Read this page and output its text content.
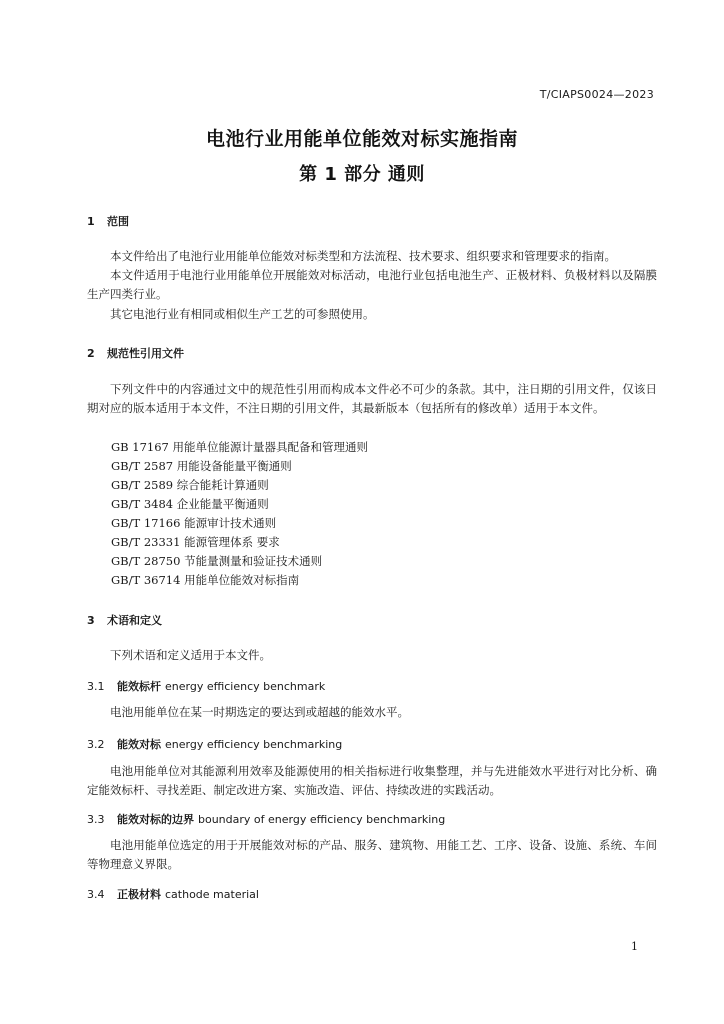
T/CIAPS0024—2023
电池行业用能单位能效对标实施指南
第 1 部分 通则
1 范围

本文件给出了电池行业用能单位能效对标类型和方法流程、技术要求、组织要求和管理要求的指南。

本文件适用于电池行业用能单位开展能效对标活动，电池行业包括电池生产、正极材料、负极材料以及隔膜生产四类行业。

其它电池行业有相同或相似生产工艺的可参照使用。

2 规范性引用文件

下列文件中的内容通过文中的规范性引用而构成本文件必不可少的条款。其中，注日期的引用文件，仅该日期对应的版本适用于本文件，不注日期的引用文件，其最新版本（包括所有的修改单）适用于本文件。

GB 17167 用能单位能源计量器具配备和管理通则
GB/T 2587 用能设备能量平衡通则
GB/T 2589 综合能耗计算通则
GB/T 3484 企业能量平衡通则
GB/T 17166 能源审计技术通则
GB/T 23331 能源管理体系 要求
GB/T 28750 节能量测量和验证技术通则
GB/T 36714 用能单位能效对标指南
3 术语和定义

下列术语和定义适用于本文件。

3.1 能效标杆 energy efficiency benchmark

电池用能单位在某一时期选定的要达到或超越的能效水平。

3.2 能效对标 energy efficiency benchmarking

电池用能单位对其能源利用效率及能源使用的相关指标进行收集整理，并与先进能效水平进行对比分析、确定能效标杆、寻找差距、制定改进方案、实施改造、评估、持续改进的实践活动。

3.3 能效对标的边界 boundary of energy efficiency benchmarking

电池用能单位选定的用于开展能效对标的产品、服务、建筑物、用能工艺、工序、设备、设施、系统、车间等物理意义界限。

3.4 正极材料 cathode material
1
